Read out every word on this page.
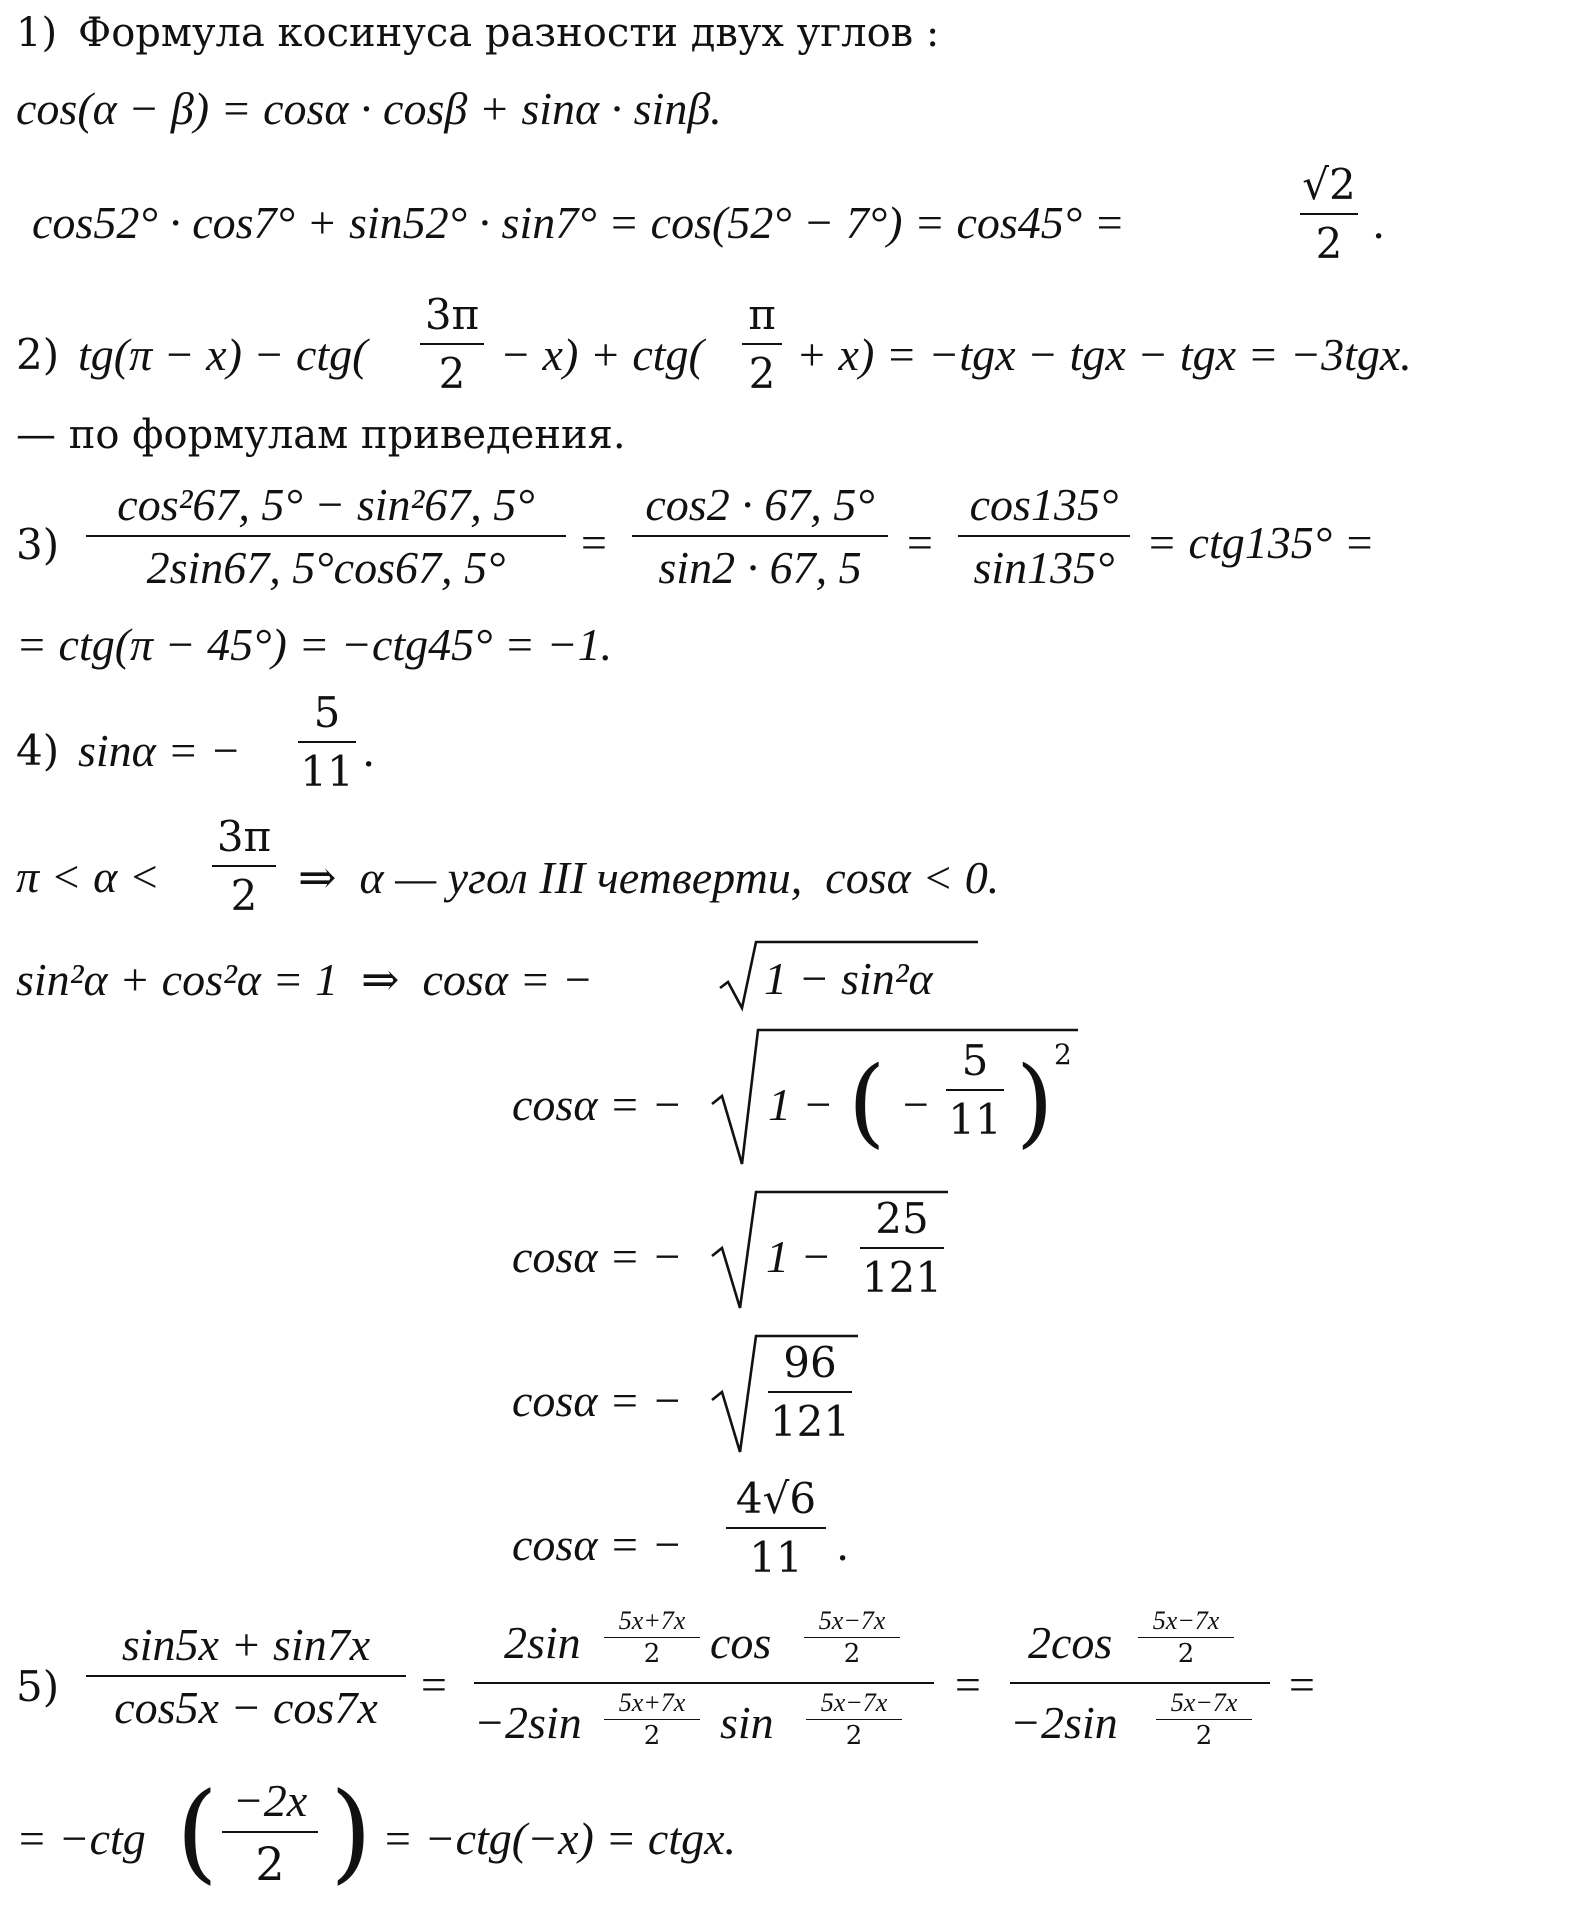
1) Формула косинуса разности двух углов :
cos(α − β) = cosα · cosβ + sinα · sinβ.
cos52° · cos7° + sin52° · sin7° = cos(52° − 7°) = cos45° =
√2
2 .
2) tg(π − x) − ctg(
3π
2 − x) + ctg(
π
2 + x) = −tgx − tgx − tgx = −3tgx.
— по формулам приведения.
3)
cos²67, 5° − sin²67, 5°
2sin67, 5°cos67, 5°	=
cos2 · 67, 5°
sin2 · 67, 5 =
cos135°
sin135° = ctg135° =
= ctg(π − 45°) = −ctg45° = −1.
4) sinα = −
5
11 .
π < α <
3π
2 ⇒  α — угол III четверти,  cosα < 0.
sin²α + cos²α = 1  ⇒  cosα = −	1 − sin²α
cosα = − 1 − ( −
5
11 ) 2
cosα = − 1 −
25
121
cosα = −
96
121
cosα = −
4√6
11 .
5)
sin5x + sin7x
cos5x − cos7x =
2sin	5x+7x
2	cos	5x−7x
2
−2sin	5x+7x
2	sin	5x−7x
2
=
2cos	5x−7x
2
−2sin	5x−7x
2
=
= −ctg ( −2x
2 ) = −ctg(−x) = ctgx.
